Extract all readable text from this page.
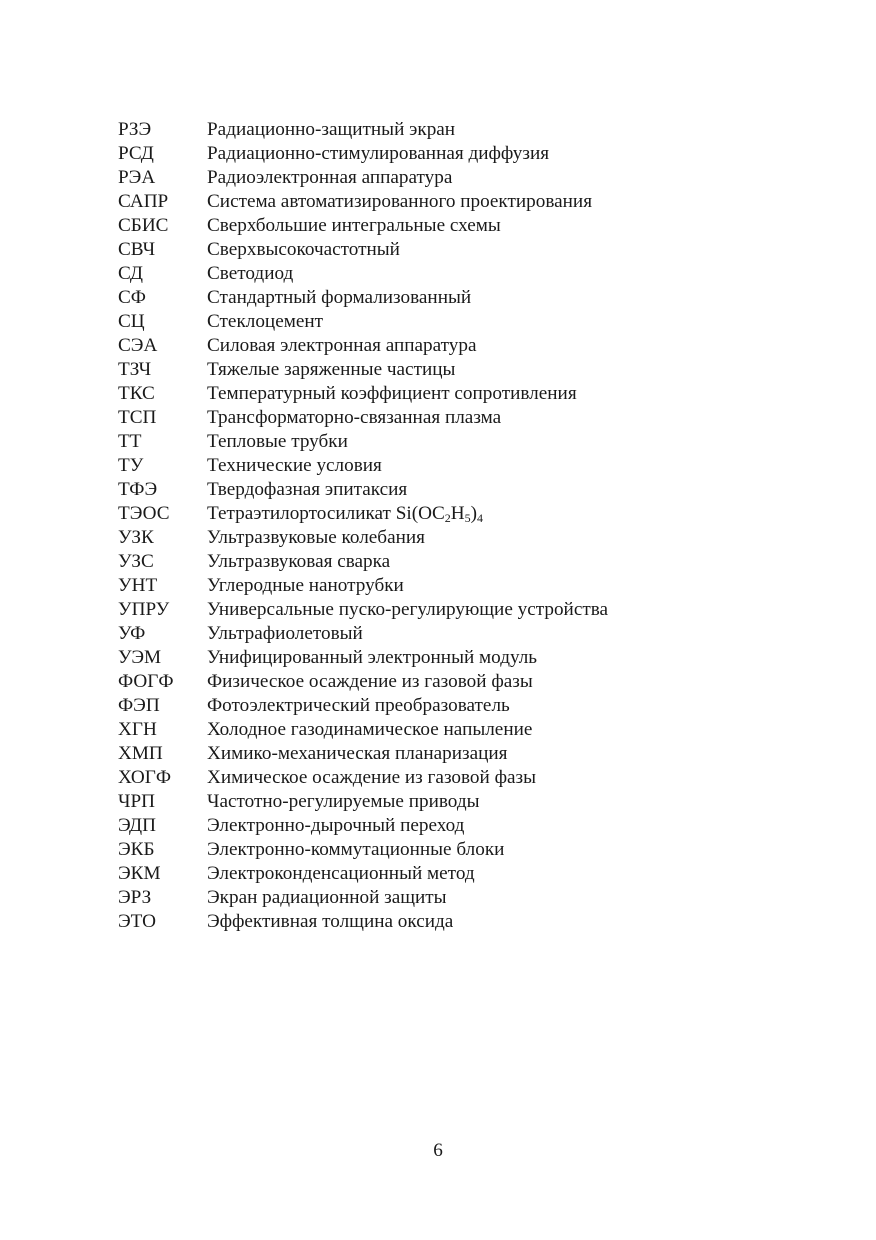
РЗЭ	Радиационно-защитный экран
РСД	Радиационно-стимулированная диффузия
РЭА	Радиоэлектронная аппаратура
САПР	Система автоматизированного проектирования
СБИС	Сверхбольшие интегральные схемы
СВЧ	Сверхвысокочастотный
СД	Светодиод
СФ	Стандартный формализованный
СЦ	Стеклоцемент
СЭА	Силовая электронная аппаратура
ТЗЧ	Тяжелые заряженные частицы
ТКС	Температурный коэффициент сопротивления
ТСП	Трансформаторно-связанная плазма
ТТ	Тепловые трубки
ТУ	Технические условия
ТФЭ	Твердофазная эпитаксия
ТЭОС	Тетраэтилортосиликат $Si(OC_2H_5)_4$
УЗК	Ультразвуковые колебания
УЗС	Ультразвуковая сварка
УНТ	Углеродные нанотрубки
УПРУ	Универсальные пуско-регулирующие устройства
УФ	Ультрафиолетовый
УЭМ	Унифицированный электронный модуль
ФОГФ	Физическое осаждение из газовой фазы
ФЭП	Фотоэлектрический преобразователь
ХГН	Холодное газодинамическое напыление
ХМП	Химико-механическая планаризация
ХОГФ	Химическое осаждение из газовой фазы
ЧРП	Частотно-регулируемые приводы
ЭДП	Электронно-дырочный переход
ЭКБ	Электронно-коммутационные блоки
ЭКМ	Электроконденсационный метод
ЭРЗ	Экран радиационной защиты
ЭТО	Эффективная толщина оксида
6
